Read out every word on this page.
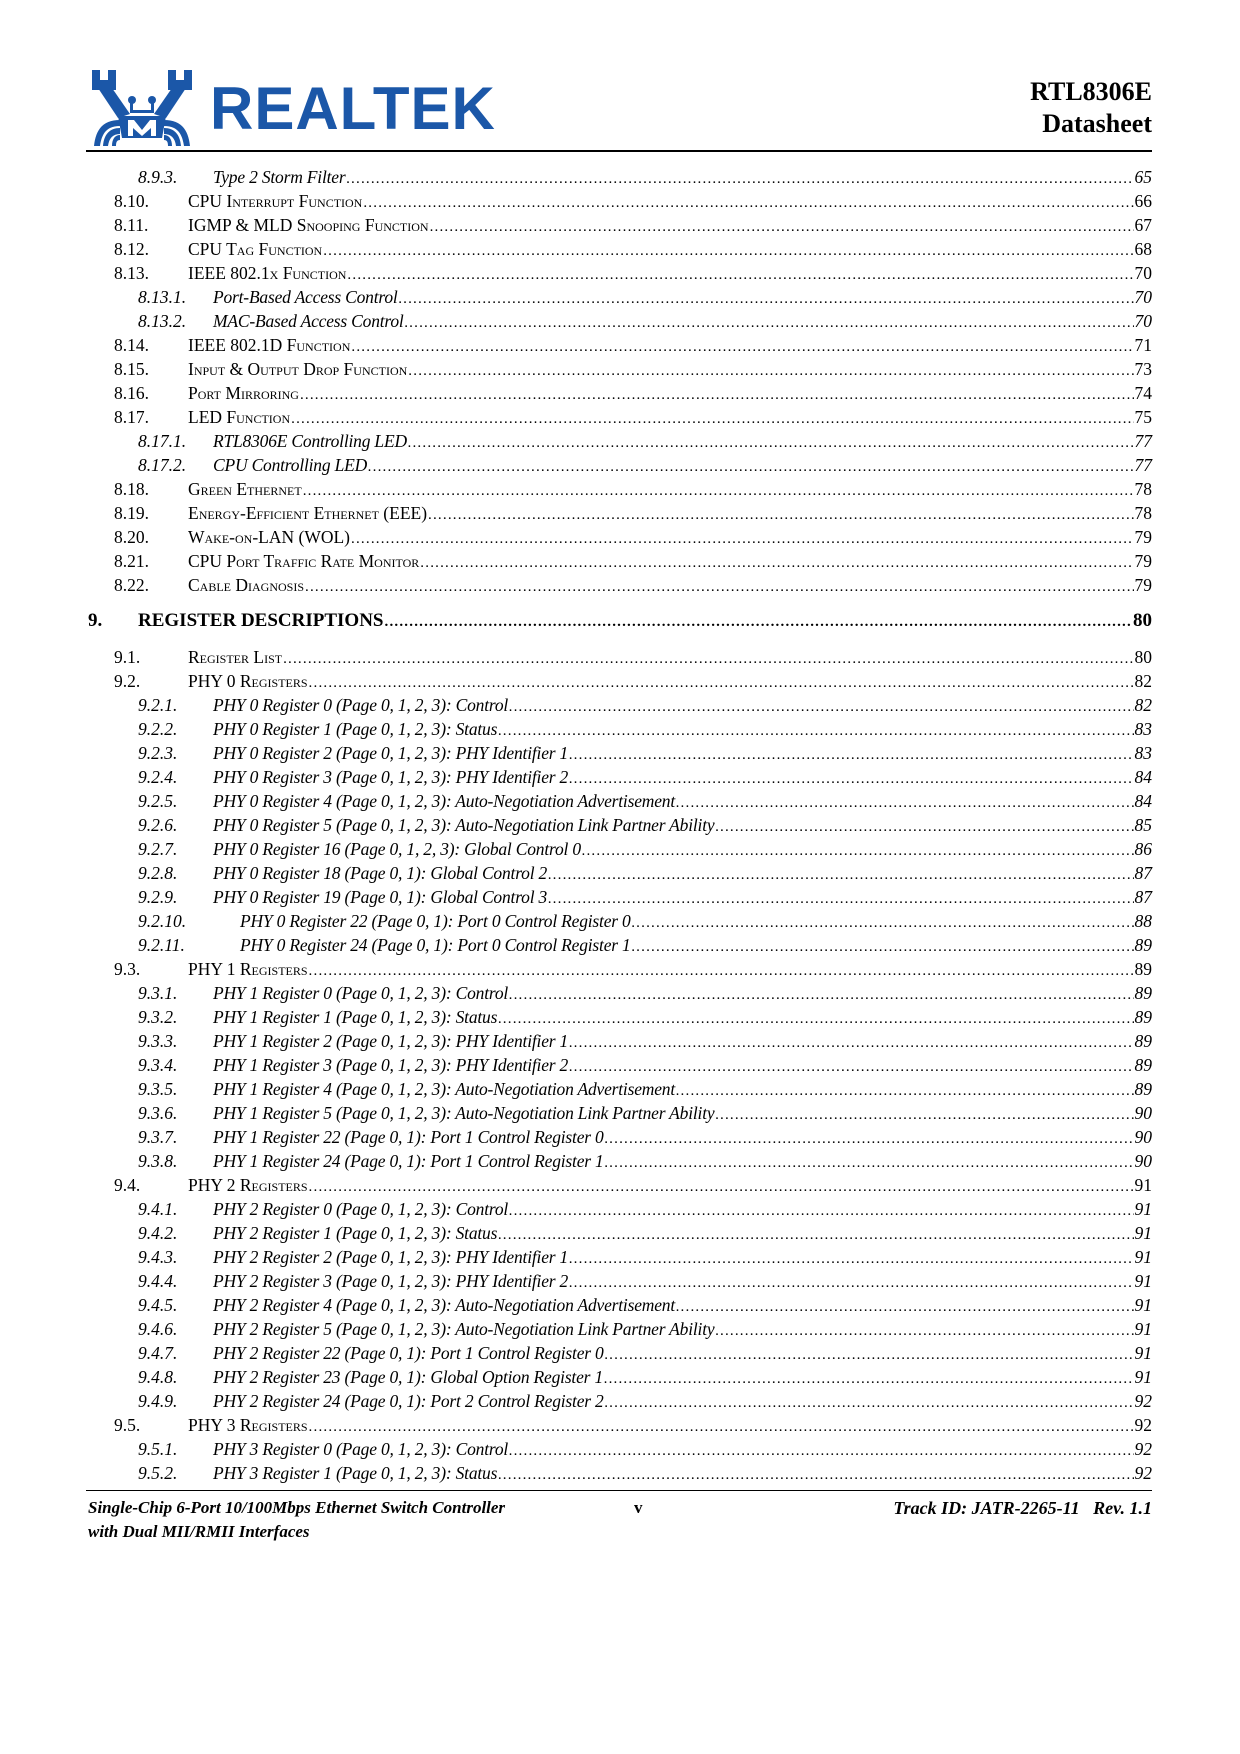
REALTEK	RTL8306E
Datasheet
8.9.3. Type 2 Storm Filter .....	65
8.10. CPU Interrupt Function .....	66
8.11. IGMP & MLD Snooping Function .....	67
8.12. CPU Tag Function .....	68
8.13. IEEE 802.1x Function .....	70
8.13.1. Port-Based Access Control .....	70
8.13.2. MAC-Based Access Control .....	70
8.14. IEEE 802.1D Function .....	71
8.15. Input & Output Drop Function .....	73
8.16. Port Mirroring .....	74
8.17. LED Function .....	75
8.17.1. RTL8306E Controlling LED .....	77
8.17.2. CPU Controlling LED .....	77
8.18. Green Ethernet .....	78
8.19. Energy-Efficient Ethernet (EEE) .....	78
8.20. Wake-on-LAN (WOL) .....	79
8.21. CPU Port Traffic Rate Monitor .....	79
8.22. Cable Diagnosis .....	79
9. REGISTER DESCRIPTIONS .....	80
9.1.	Register List .....	80
9.2.	PHY 0 Registers .....	82
9.2.1. PHY 0 Register 0 (Page 0, 1, 2, 3): Control .....	82
9.2.2. PHY 0 Register 1 (Page 0, 1, 2, 3): Status .....	83
9.2.3. PHY 0 Register 2 (Page 0, 1, 2, 3): PHY Identifier 1 .....	83
9.2.4. PHY 0 Register 3 (Page 0, 1, 2, 3): PHY Identifier 2 .....	84
9.2.5. PHY 0 Register 4 (Page 0, 1, 2, 3): Auto-Negotiation Advertisement .....	84
9.2.6. PHY 0 Register 5 (Page 0, 1, 2, 3): Auto-Negotiation Link Partner Ability .....	85
9.2.7. PHY 0 Register 16 (Page 0, 1, 2, 3): Global Control 0 .....	86
9.2.8. PHY 0 Register 18 (Page 0, 1): Global Control 2 .....	87
9.2.9. PHY 0 Register 19 (Page 0, 1): Global Control 3 .....	87
9.2.10.	PHY 0 Register 22 (Page 0, 1): Port 0 Control Register 0 .....	88
9.2.11.	PHY 0 Register 24 (Page 0, 1): Port 0 Control Register 1 .....	89
9.3.	PHY 1 Registers .....	89
9.3.1. PHY 1 Register 0 (Page 0, 1, 2, 3): Control .....	89
9.3.2. PHY 1 Register 1 (Page 0, 1, 2, 3): Status .....	89
9.3.3. PHY 1 Register 2 (Page 0, 1, 2, 3): PHY Identifier 1 .....	89
9.3.4. PHY 1 Register 3 (Page 0, 1, 2, 3): PHY Identifier 2 .....	89
9.3.5. PHY 1 Register 4 (Page 0, 1, 2, 3): Auto-Negotiation Advertisement .....	89
9.3.6. PHY 1 Register 5 (Page 0, 1, 2, 3): Auto-Negotiation Link Partner Ability .....	90
9.3.7. PHY 1 Register 22 (Page 0, 1): Port 1 Control Register 0 .....	90
9.3.8. PHY 1 Register 24 (Page 0, 1): Port 1 Control Register 1 .....	90
9.4.	PHY 2 Registers .....	91
9.4.1. PHY 2 Register 0 (Page 0, 1, 2, 3): Control .....	91
9.4.2. PHY 2 Register 1 (Page 0, 1, 2, 3): Status .....	91
9.4.3. PHY 2 Register 2 (Page 0, 1, 2, 3): PHY Identifier 1 .....	91
9.4.4. PHY 2 Register 3 (Page 0, 1, 2, 3): PHY Identifier 2 .....	91
9.4.5. PHY 2 Register 4 (Page 0, 1, 2, 3): Auto-Negotiation Advertisement .....	91
9.4.6. PHY 2 Register 5 (Page 0, 1, 2, 3): Auto-Negotiation Link Partner Ability .....	91
9.4.7. PHY 2 Register 22 (Page 0, 1): Port 1 Control Register 0 .....	91
9.4.8. PHY 2 Register 23 (Page 0, 1): Global Option Register 1 .....	91
9.4.9. PHY 2 Register 24 (Page 0, 1): Port 2 Control Register 2 .....	92
9.5.	PHY 3 Registers .....	92
9.5.1. PHY 3 Register 0 (Page 0, 1, 2, 3): Control .....	92
9.5.2. PHY 3 Register 1 (Page 0, 1, 2, 3): Status .....	92
Single-Chip 6-Port 10/100Mbps Ethernet Switch Controller
with Dual MII/RMII Interfaces
v	Track ID: JATR-2265-11   Rev. 1.1
